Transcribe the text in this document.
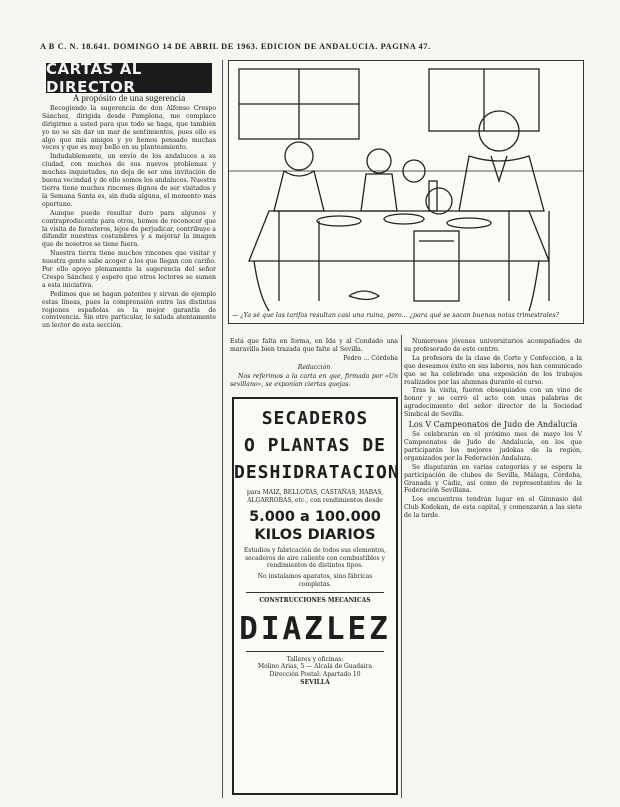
A B C. N. 18.641. DOMINGO 14 DE ABRIL DE 1963. EDICION DE ANDALUCIA. PAGINA 47.
CARTAS AL DIRECTOR

A propósito de una sugerencia

Recogiendo la sugerencia de don Alfonso Crespo Sánchez, dirigida desde Pamplona, me complace dirigirme a usted para que todo se haga, que también yo no se sin dar un mar de sentimientos, pues ello es algo que mis amigos y yo hemos pensado muchas veces y que es muy bello en su planteamiento.

Indudablemente, un envío de los andaluces a su ciudad, con muchos de sus nuevos problemas y muchas inquietudes, no deja de ser una invitación de buena vecindad y de ello somos los andaluces. Nuestra tierra tiene muchos rincones dignos de ser visitados y la Semana Santa es, sin duda alguna, el momento más oportuno.

Aunque puede resultar duro para algunos y contraproducente para otros, hemos de reconocer que la visita de forasteros, lejos de perjudicar, contribuye a difundir nuestras costumbres y a mejorar la imagen que de nosotros se tiene fuera.

Nuestra tierra tiene muchos rincones que visitar y nuestra gente sabe acoger a los que llegan con cariño. Por ello apoyo plenamente la sugerencia del señor Crespo Sánchez y espero que otros lectores se sumen a esta iniciativa.

Pedimos que se hagan patentes y sirvan de ejemplo estas líneas, pues la comprensión entre las distintas regiones españolas es la mejor garantía de convivencia. Sin otro particular, le saluda atentamente un lector de esta sección.

— ¿Ya sé que las tarifas resultan casi una ruina, pero... ¿para qué se sacan buenas notas trimestrales?

Está que falta en forma, en Ida y al Condado una maravilla bien trazada que falte al Sevilla.

Pedro ... Córdoba

Redacción

Nos referimos a la carta en que, firmada por «Un sevillano», se exponían ciertas quejas.

SECADEROS
O PLANTAS DE
DESHIDRATACION
para MAIZ, BELLOTAS, CASTAÑAS, HABAS, ALGARROBAS, etc., con rendimientos desde
5.000 a 100.000
KILOS DIARIOS
Estudios y fabricación de todos sus elementos, secaderos de aire caliente con combustibles y rendimientos de distintos tipos.
No instalamos aparatos, sino fábricas completas.
CONSTRUCCIONES MECANICAS
DIAZLEZ
Talleres y oficinas:
Molino Arias, 5 — Alcalá de Guadaira
Dirección Postal: Apartado 10
SEVILLA

Numerosos jóvenes universitarios acompañados de su profesorado de este centro.

La profesora de la clase de Corte y Confección, a la que deseamos éxito en sus labores, nos han comunicado que se ha celebrado una exposición de los trabajos realizados por las alumnas durante el curso.

Tras la visita, fueron obsequiados con un vino de honor y se cerró el acto con unas palabras de agradecimiento del señor director de la Sociedad Sindical de Sevilla.

Los V Campeonatos de Judo de Andalucía

Se celebrarán en el próximo mes de mayo los V Campeonatos de Judo de Andalucía, en los que participarán los mejores judokas de la región, organizados por la Federación Andaluza.

Se disputarán en varias categorías y se espera la participación de clubes de Sevilla, Málaga, Córdoba, Granada y Cádiz, así como de representantes de la Federación Sevillana.

Los encuentros tendrán lugar en el Gimnasio del Club Kodokan, de esta capital, y comenzarán a las siete de la tarde.
